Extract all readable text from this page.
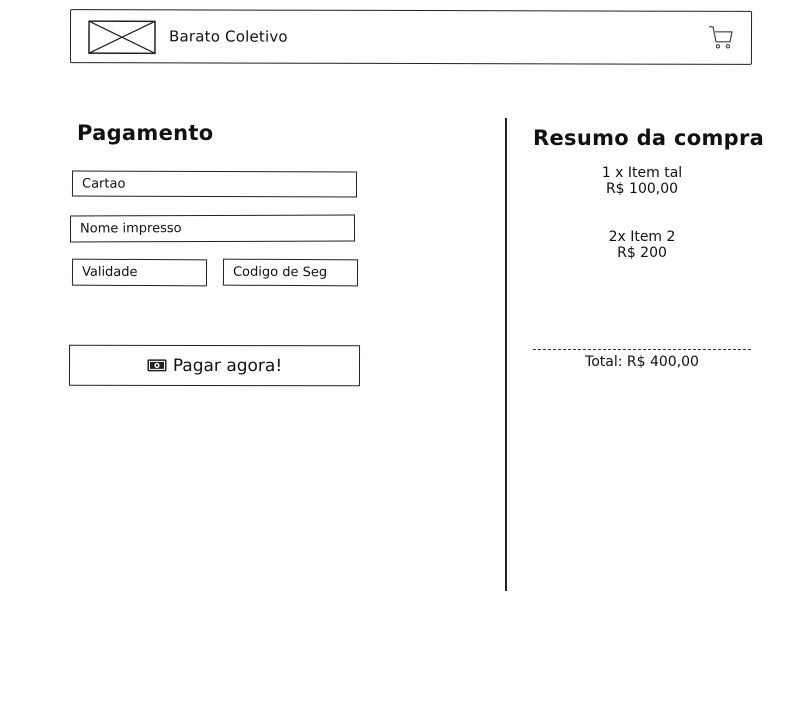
Barato Coletivo
Pagamento
Cartao
Nome impresso
Validade
Codigo de Seg
Pagar agora!
Resumo da compra
1 x Item tal
R$ 100,00
2x Item 2
R$ 200
Total: R$ 400,00
